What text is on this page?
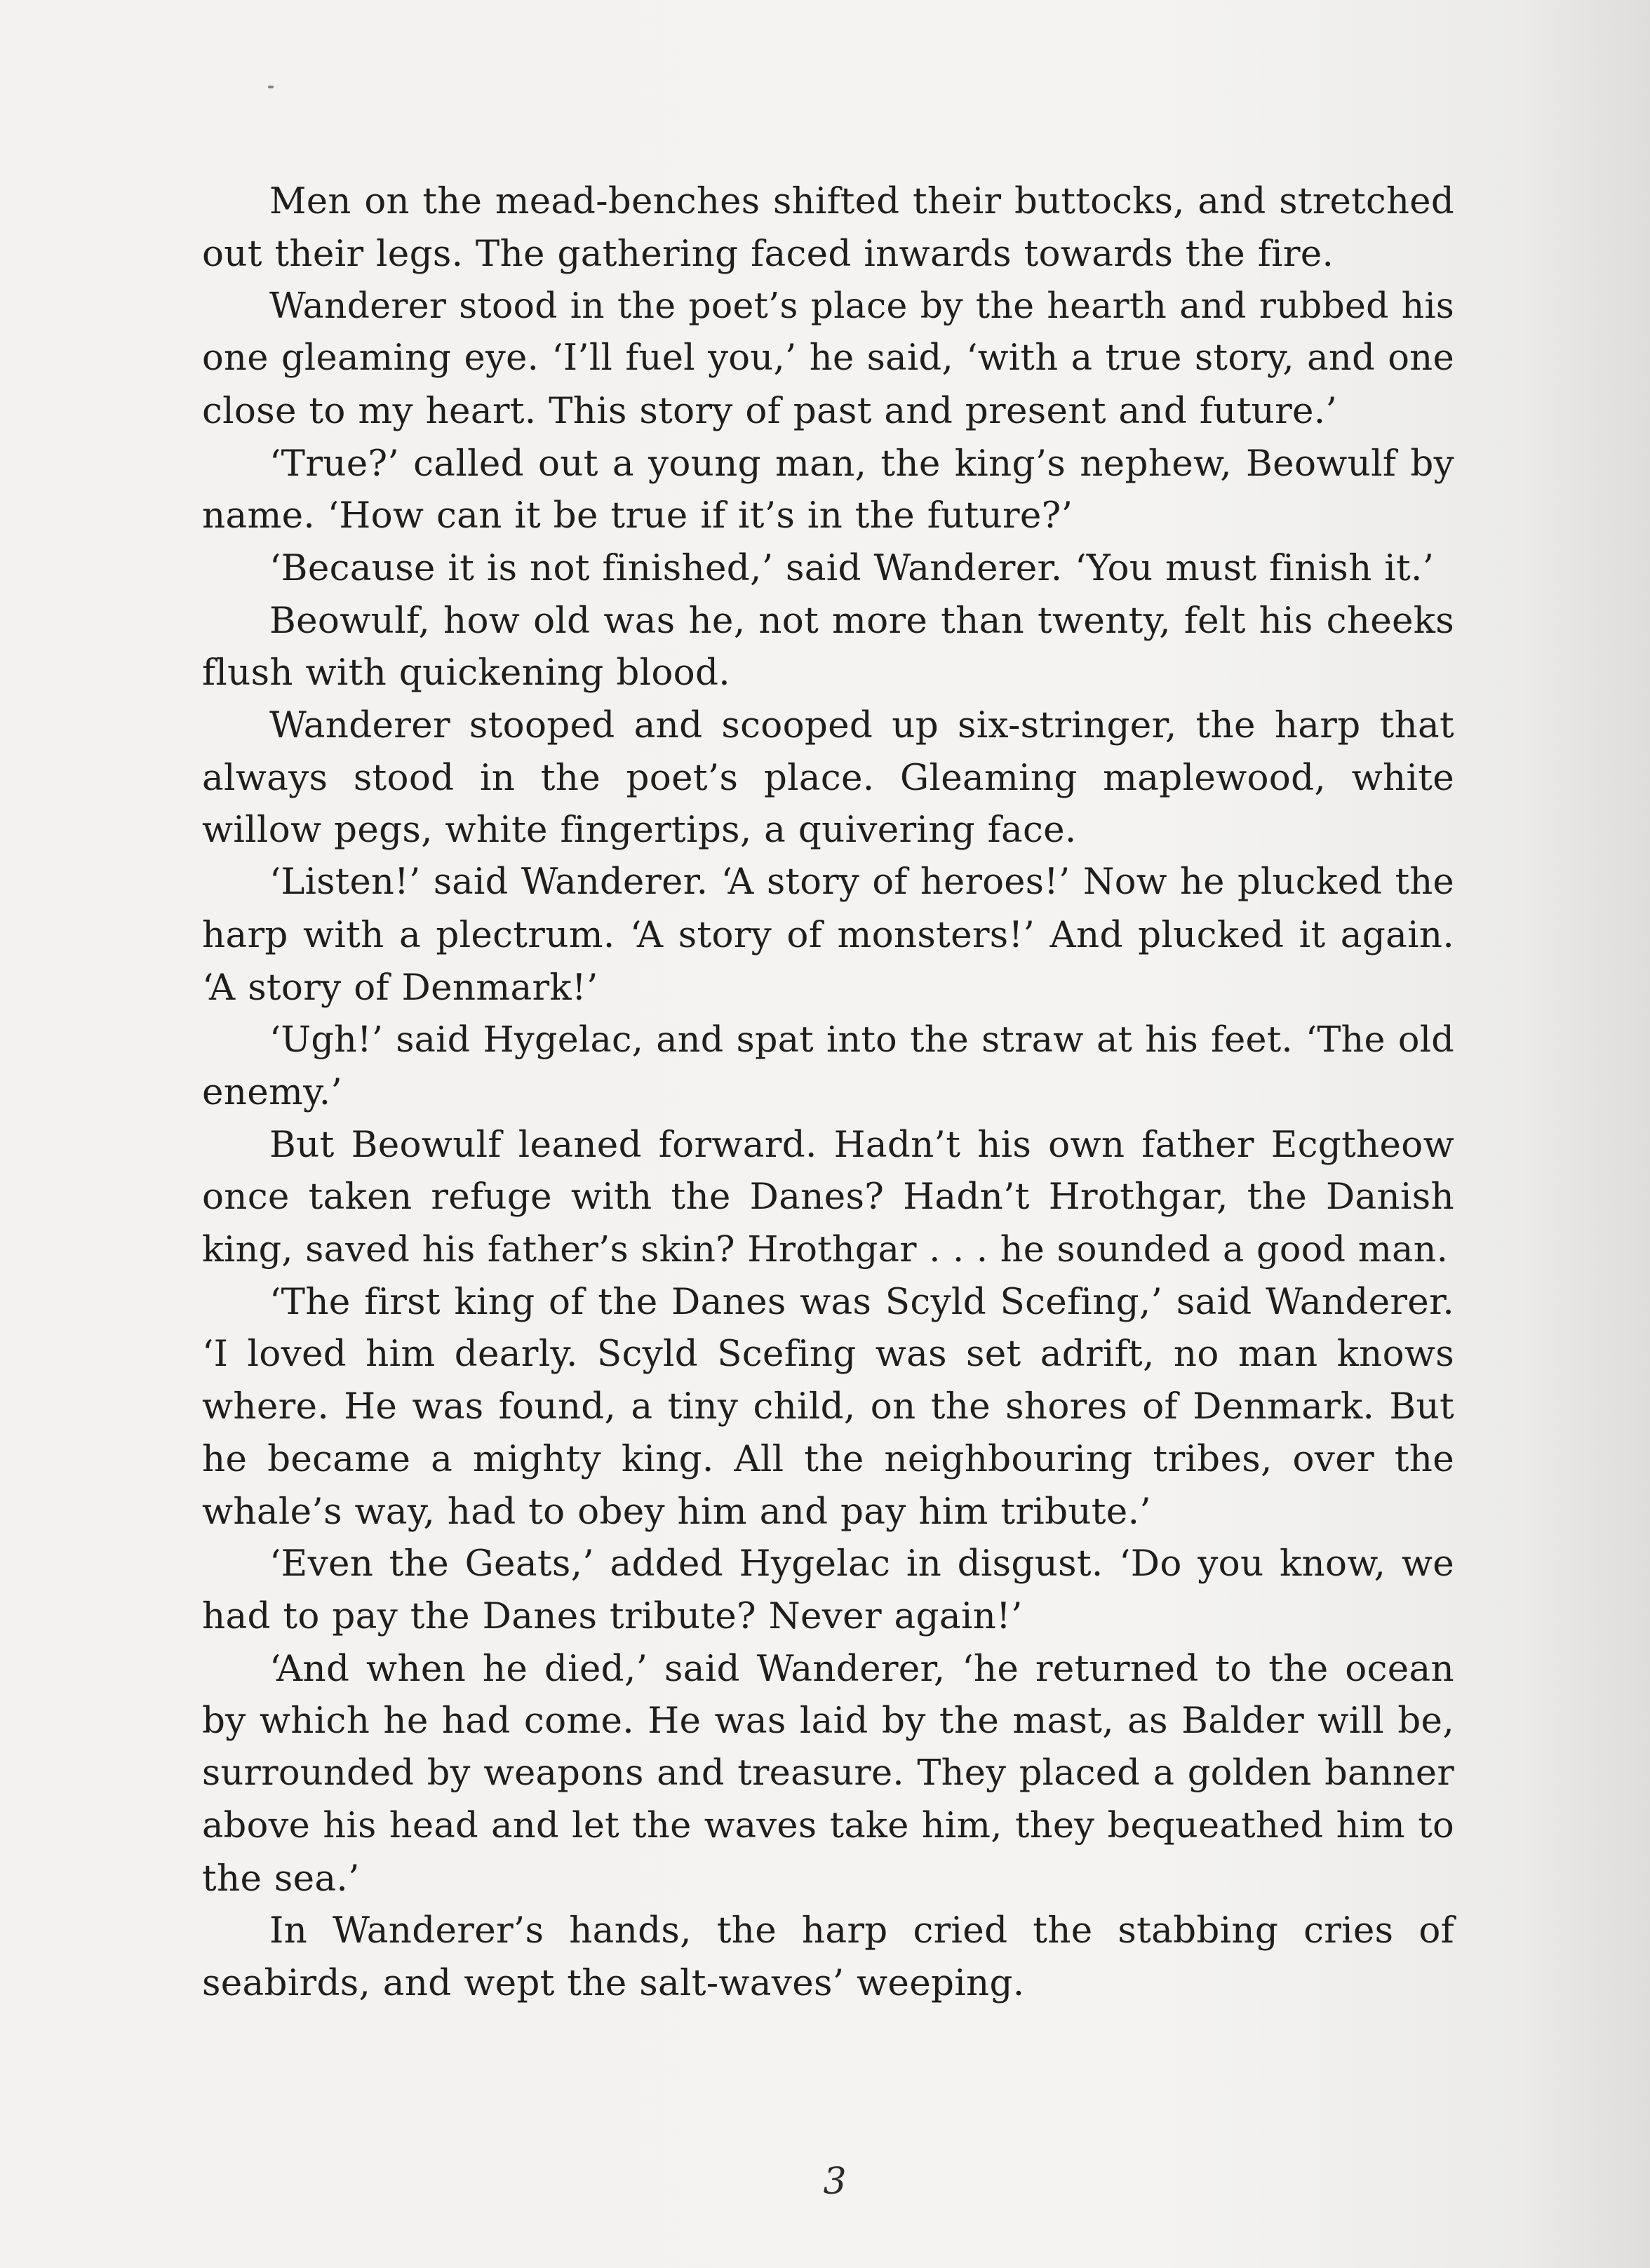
Men on the mead-benches shifted their buttocks, and stretched
out their legs. The gathering faced inwards towards the fire.

Wanderer stood in the poet’s place by the hearth and rubbed his
one gleaming eye. ‘I’ll fuel you,’ he said, ‘with a true story, and one
close to my heart. This story of past and present and future.’

‘True?’ called out a young man, the king’s nephew, Beowulf by
name. ‘How can it be true if it’s in the future?’

‘Because it is not finished,’ said Wanderer. ‘You must finish it.’

Beowulf, how old was he, not more than twenty, felt his cheeks
flush with quickening blood.

Wanderer stooped and scooped up six-stringer, the harp that
always stood in the poet’s place. Gleaming maplewood, white
willow pegs, white fingertips, a quivering face.

‘Listen!’ said Wanderer. ‘A story of heroes!’ Now he plucked the
harp with a plectrum. ‘A story of monsters!’ And plucked it again.
‘A story of Denmark!’

‘Ugh!’ said Hygelac, and spat into the straw at his feet. ‘The old
enemy.’

But Beowulf leaned forward. Hadn’t his own father Ecgtheow
once taken refuge with the Danes? Hadn’t Hrothgar, the Danish
king, saved his father’s skin? Hrothgar . . . he sounded a good man.

‘The first king of the Danes was Scyld Scefing,’ said Wanderer.
‘I loved him dearly. Scyld Scefing was set adrift, no man knows
where. He was found, a tiny child, on the shores of Denmark. But
he became a mighty king. All the neighbouring tribes, over the
whale’s way, had to obey him and pay him tribute.’

‘Even the Geats,’ added Hygelac in disgust. ‘Do you know, we
had to pay the Danes tribute? Never again!’

‘And when he died,’ said Wanderer, ‘he returned to the ocean
by which he had come. He was laid by the mast, as Balder will be,
surrounded by weapons and treasure. They placed a golden banner
above his head and let the waves take him, they bequeathed him to
the sea.’

In Wanderer’s hands, the harp cried the stabbing cries of
seabirds, and wept the salt-waves’ weeping.

3
